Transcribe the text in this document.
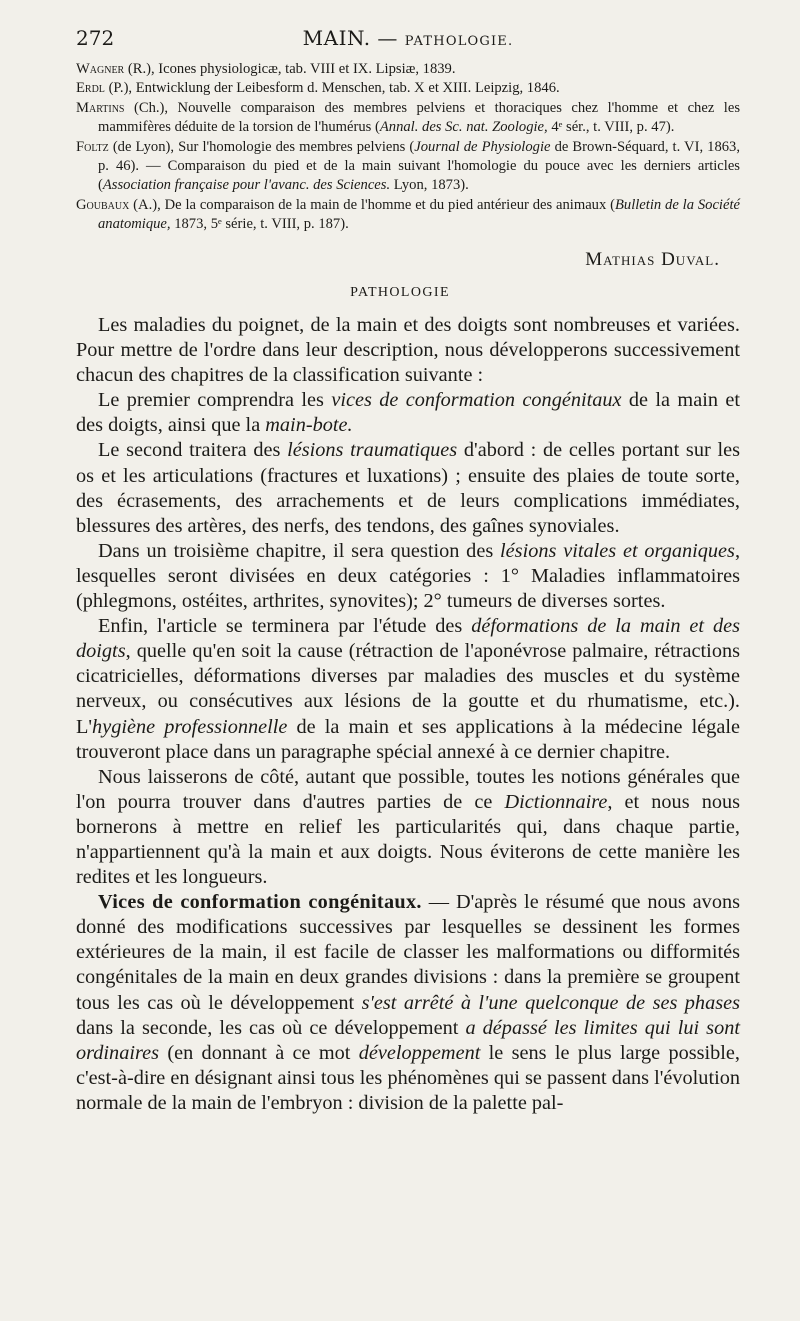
272	MAIN. — PATHOLOGIE.
Wagner (R.), Icones physiologicæ, tab. VIII et IX. Lipsiæ, 1839.
Erdl (P.), Entwicklung der Leibesform d. Menschen, tab. X et XIII. Leipzig, 1846.
Martins (Ch.), Nouvelle comparaison des membres pelviens et thoraciques chez l'homme et chez les mammifères déduite de la torsion de l'humérus (Annal. des Sc. nat. Zoologie, 4ᵉ sér., t. VIII, p. 47).
Foltz (de Lyon), Sur l'homologie des membres pelviens (Journal de Physiologie de Brown-Séquard, t. VI, 1863, p. 46). — Comparaison du pied et de la main suivant l'homologie du pouce avec les derniers articles (Association française pour l'avanc. des Sciences. Lyon, 1873).
Goubaux (A.), De la comparaison de la main de l'homme et du pied antérieur des animaux (Bulletin de la Société anatomique, 1873, 5ᵉ série, t. VIII, p. 187).
Mathias Duval.
PATHOLOGIE

Les maladies du poignet, de la main et des doigts sont nombreuses et variées. Pour mettre de l'ordre dans leur description, nous développerons successivement chacun des chapitres de la classification suivante :

Le premier comprendra les vices de conformation congénitaux de la main et des doigts, ainsi que la main-bote.

Le second traitera des lésions traumatiques d'abord : de celles portant sur les os et les articulations (fractures et luxations) ; ensuite des plaies de toute sorte, des écrasements, des arrachements et de leurs complications immédiates, blessures des artères, des nerfs, des tendons, des gaînes synoviales.

Dans un troisième chapitre, il sera question des lésions vitales et organiques, lesquelles seront divisées en deux catégories : 1° Maladies inflammatoires (phlegmons, ostéites, arthrites, synovites); 2° tumeurs de diverses sortes.

Enfin, l'article se terminera par l'étude des déformations de la main et des doigts, quelle qu'en soit la cause (rétraction de l'aponévrose palmaire, rétractions cicatricielles, déformations diverses par maladies des muscles et du système nerveux, ou consécutives aux lésions de la goutte et du rhumatisme, etc.). L'hygiène professionnelle de la main et ses applications à la médecine légale trouveront place dans un paragraphe spécial annexé à ce dernier chapitre.

Nous laisserons de côté, autant que possible, toutes les notions générales que l'on pourra trouver dans d'autres parties de ce Dictionnaire, et nous nous bornerons à mettre en relief les particularités qui, dans chaque partie, n'appartiennent qu'à la main et aux doigts. Nous éviterons de cette manière les redites et les longueurs.

Vices de conformation congénitaux. — D'après le résumé que nous avons donné des modifications successives par lesquelles se dessinent les formes extérieures de la main, il est facile de classer les malformations ou difformités congénitales de la main en deux grandes divisions : dans la première se groupent tous les cas où le développement s'est arrêté à l'une quelconque de ses phases dans la seconde, les cas où ce développement a dépassé les limites qui lui sont ordinaires (en donnant à ce mot développement le sens le plus large possible, c'est-à-dire en désignant ainsi tous les phénomènes qui se passent dans l'évolution normale de la main de l'embryon : division de la palette pal-
